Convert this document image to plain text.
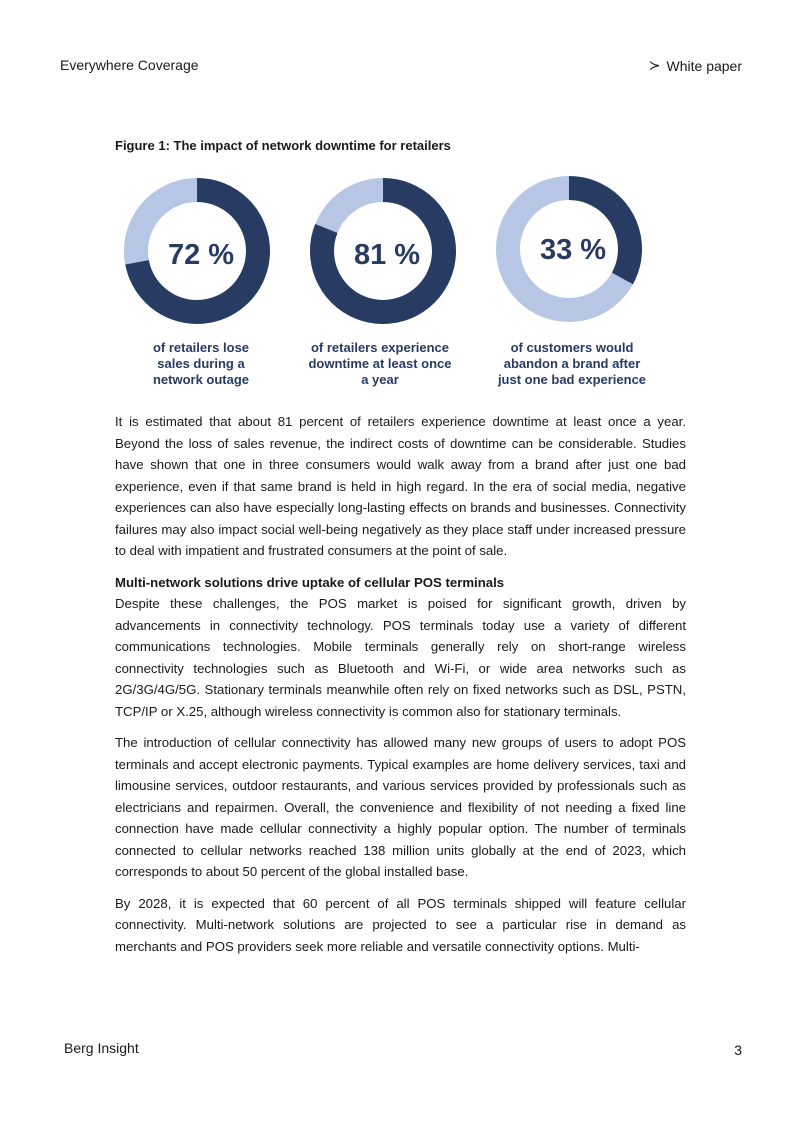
Everywhere Coverage	≻ White paper
Figure 1: The impact of network downtime for retailers
72 %
of retailers lose
sales during a
network outage
81 %
of retailers experience
downtime at least once
a year
33 %
of customers would
abandon a brand after
just one bad experience

It is estimated that about 81 percent of retailers experience downtime at least once a year. Beyond the loss of sales revenue, the indirect costs of downtime can be considerable. Studies have shown that one in three consumers would walk away from a brand after just one bad experience, even if that same brand is held in high regard. In the era of social media, negative experiences can also have especially long-lasting effects on brands and businesses. Connectivity failures may also impact social well-being negatively as they place staff under increased pressure to deal with impatient and frustrated consumers at the point of sale.

Multi-network solutions drive uptake of cellular POS terminals

Despite these challenges, the POS market is poised for significant growth, driven by advancements in connectivity technology. POS terminals today use a variety of different communications technologies. Mobile terminals generally rely on short-range wireless connectivity technologies such as Bluetooth and Wi-Fi, or wide area networks such as 2G/3G/4G/5G. Stationary terminals meanwhile often rely on fixed networks such as DSL, PSTN, TCP/IP or X.25, although wireless connectivity is common also for stationary terminals.

The introduction of cellular connectivity has allowed many new groups of users to adopt POS terminals and accept electronic payments. Typical examples are home delivery services, taxi and limousine services, outdoor restaurants, and various services provided by professionals such as electricians and repairmen. Overall, the convenience and flexibility of not needing a fixed line connection have made cellular connectivity a highly popular option. The number of terminals connected to cellular networks reached 138 million units globally at the end of 2023, which corresponds to about 50 percent of the global installed base.

By 2028, it is expected that 60 percent of all POS terminals shipped will feature cellular connectivity. Multi-network solutions are projected to see a particular rise in demand as merchants and POS providers seek more reliable and versatile connectivity options. Multi-

Berg Insight	3
